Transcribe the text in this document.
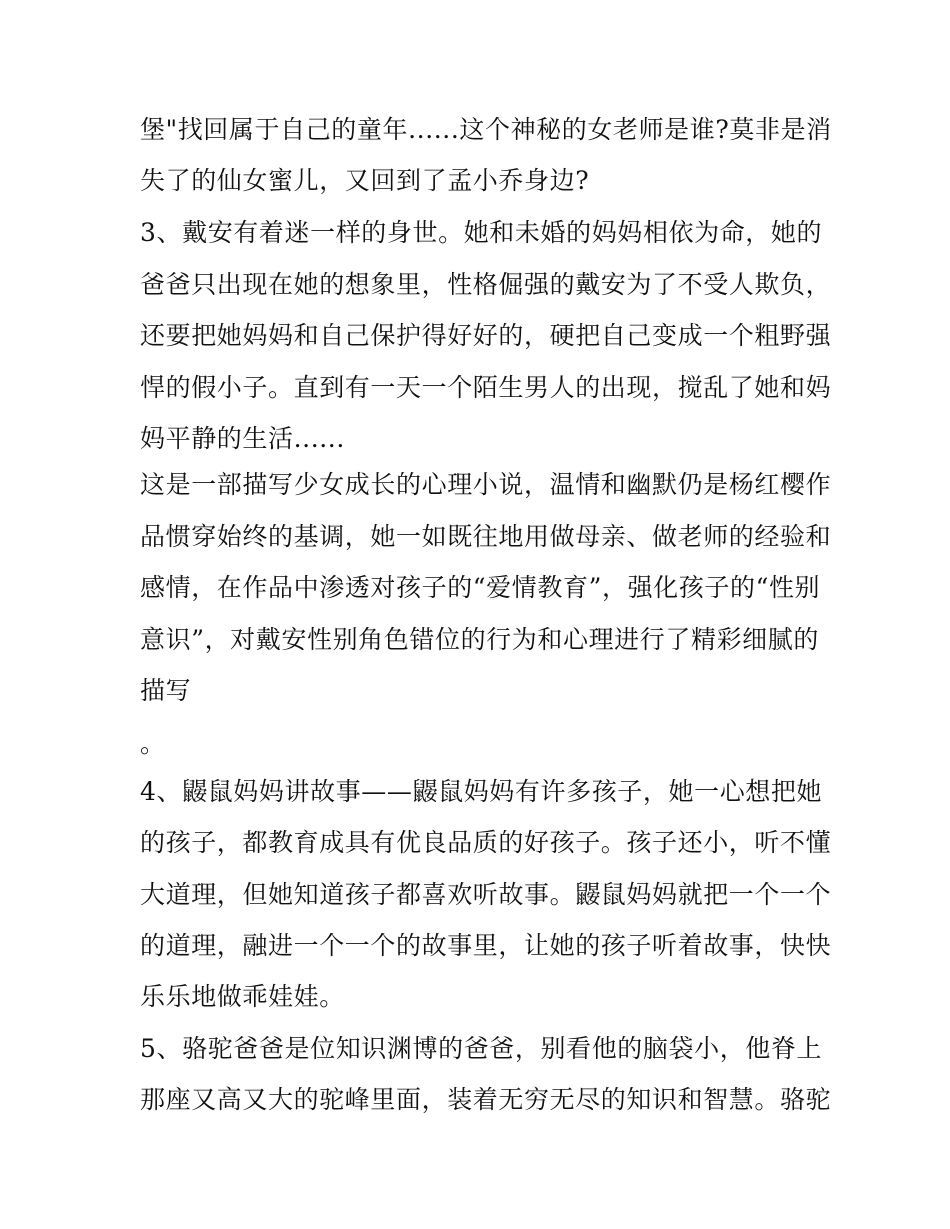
堡"找回属于自己的童年......这个神秘的女老师是谁?莫非是消
失了的仙女蜜儿，又回到了孟小乔身边?
3、戴安有着迷一样的身世。她和未婚的妈妈相依为命，她的
爸爸只出现在她的想象里，性格倔强的戴安为了不受人欺负，
还要把她妈妈和自己保护得好好的，硬把自己变成一个粗野强
悍的假小子。直到有一天一个陌生男人的出现，搅乱了她和妈
妈平静的生活......
这是一部描写少女成长的心理小说，温情和幽默仍是杨红樱作
品惯穿始终的基调，她一如既往地用做母亲、做老师的经验和
感情，在作品中渗透对孩子的“爱情教育”，强化孩子的“性别
意识”，对戴安性别角色错位的行为和心理进行了精彩细腻的
描写
。
4、鼹鼠妈妈讲故事——鼹鼠妈妈有许多孩子，她一心想把她
的孩子，都教育成具有优良品质的好孩子。孩子还小，听不懂
大道理，但她知道孩子都喜欢听故事。鼹鼠妈妈就把一个一个
的道理，融进一个一个的故事里，让她的孩子听着故事，快快
乐乐地做乖娃娃。
5、骆驼爸爸是位知识渊博的爸爸，别看他的脑袋小，他脊上
那座又高又大的驼峰里面，装着无穷无尽的知识和智慧。骆驼
